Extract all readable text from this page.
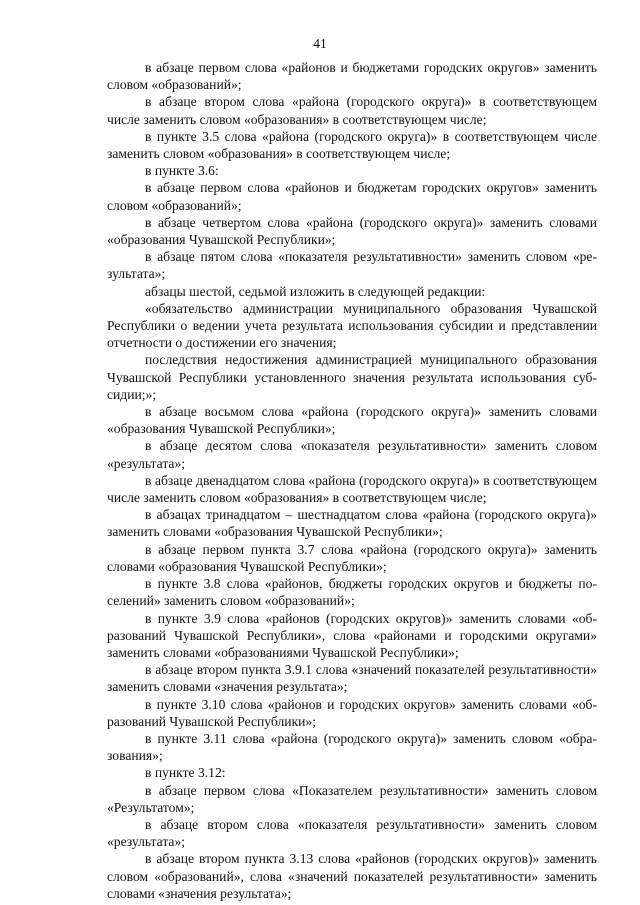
41

в абзаце первом слова «районов и бюджетами городских округов» заменить словом «образований»;

в абзаце втором слова «района (городского округа)» в соответствующем числе заменить словом «образования» в соответствующем числе;

в пункте 3.5 слова «района (городского округа)» в соответствующем числе заменить словом «образования» в соответствующем числе;

в пункте 3.6:

в абзаце первом слова «районов и бюджетам городских округов» заменить словом «образований»;

в абзаце четвертом слова «района (городского округа)» заменить словами «образования Чувашской Республики»;

в абзаце пятом слова «показателя результативности» заменить словом «результата»;

абзацы шестой, седьмой изложить в следующей редакции:

«обязательство администрации муниципального образования Чувашской Республики о ведении учета результата использования субсидии и представлении отчетности о достижении его значения;

последствия недостижения администрацией муниципального образования Чувашской Республики установленного значения результата использования субсидии;»;

в абзаце восьмом слова «района (городского округа)» заменить словами «образования Чувашской Республики»;

в абзаце десятом слова «показателя результативности» заменить словом «результата»;

в абзаце двенадцатом слова «района (городского округа)» в соответствующем числе заменить словом «образования» в соответствующем числе;

в абзацах тринадцатом – шестнадцатом слова «района (городского округа)» заменить словами «образования Чувашской Республики»;

в абзаце первом пункта 3.7 слова «района (городского округа)» заменить словами «образования Чувашской Республики»;

в пункте 3.8 слова «районов, бюджеты городских округов и бюджеты поселений» заменить словом «образований»;

в пункте 3.9 слова «районов (городских округов)» заменить словами «образований Чувашской Республики», слова «районами и городскими округами» заменить словами «образованиями Чувашской Республики»;

в абзаце втором пункта 3.9.1 слова «значений показателей результативности» заменить словами «значения результата»;

в пункте 3.10 слова «районов и городских округов» заменить словами «образований Чувашской Республики»;

в пункте 3.11 слова «района (городского округа)» заменить словом «образования»;

в пункте 3.12:

в абзаце первом слова «Показателем результативности» заменить словом «Результатом»;

в абзаце втором слова «показателя результативности» заменить словом «результата»;

в абзаце втором пункта 3.13 слова «районов (городских округов)» заменить словом «образований», слова «значений показателей результативности» заменить словами «значения результата»;
